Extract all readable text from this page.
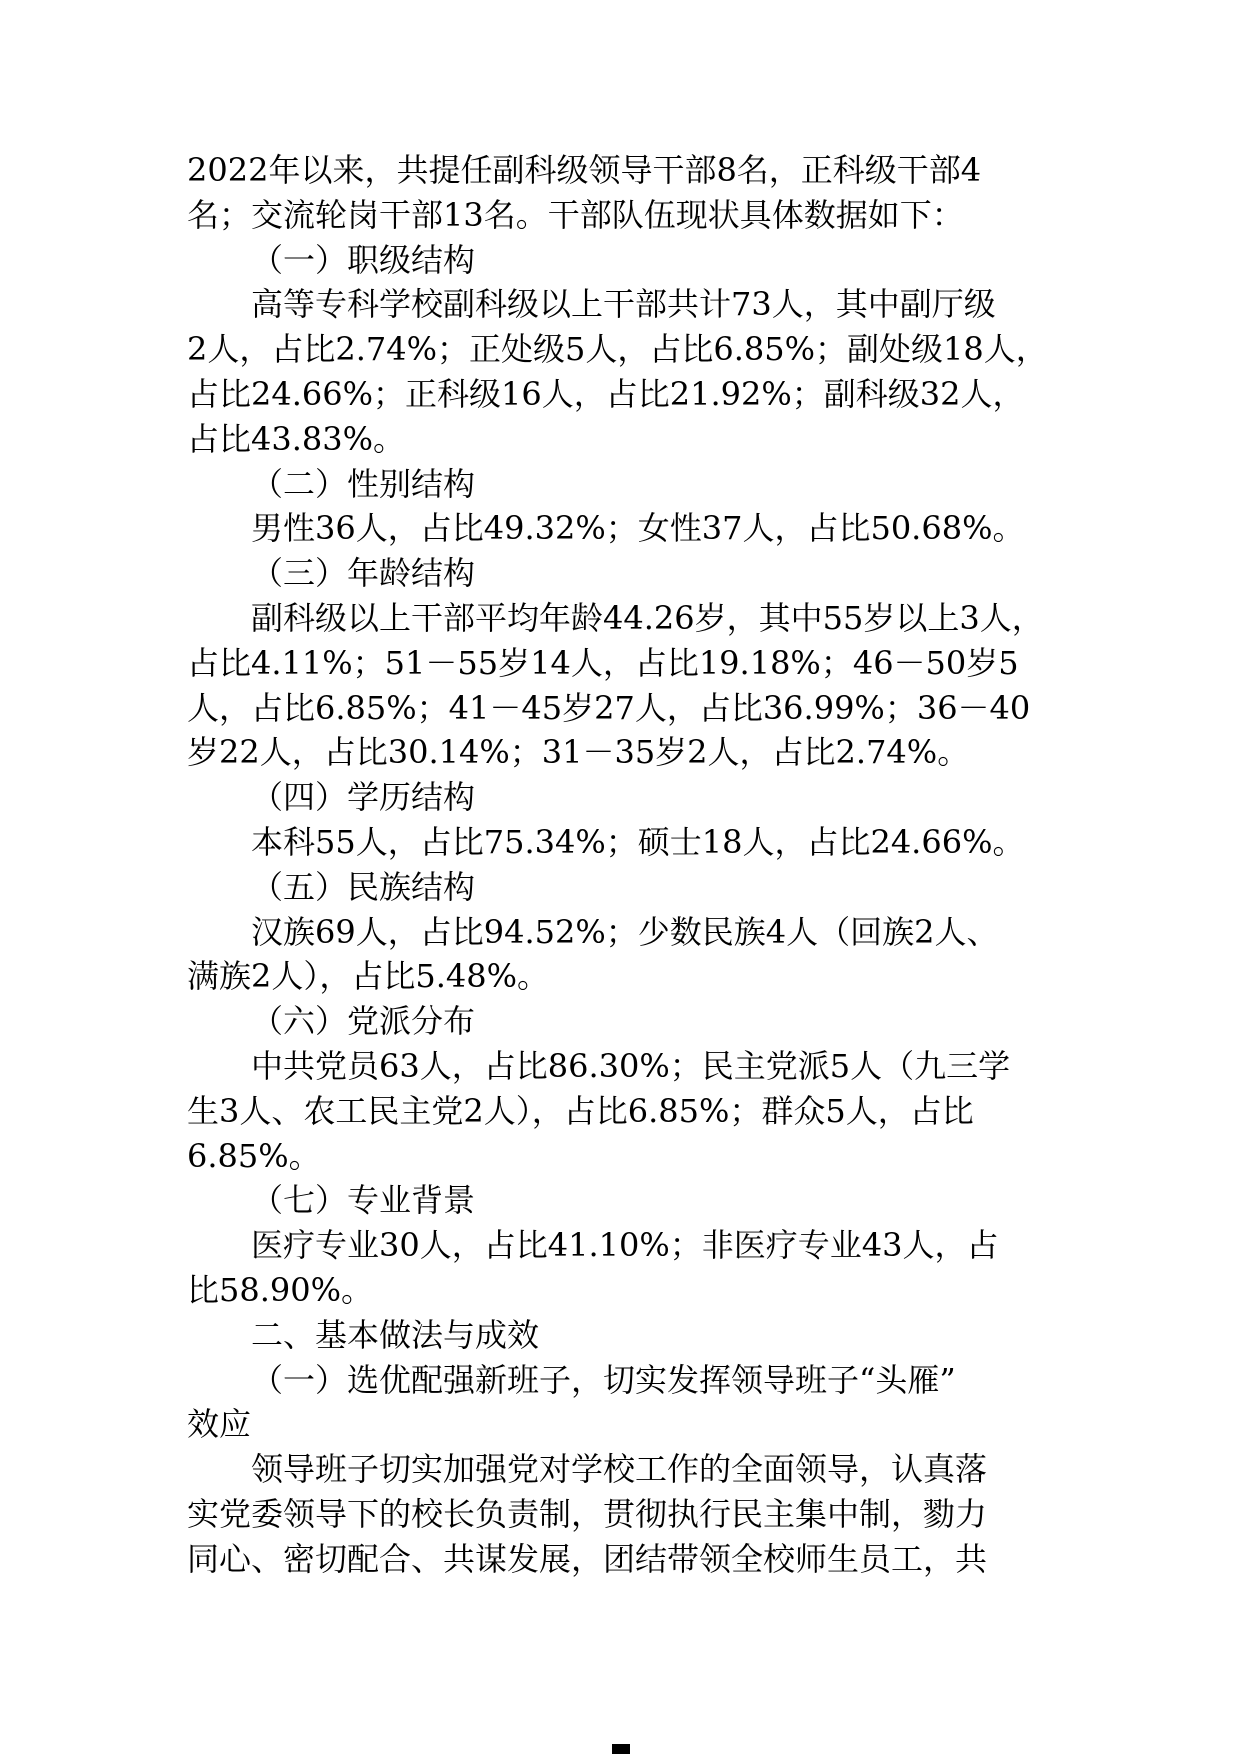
2022年以来，共提任副科级领导干部8名，正科级干部4
名；交流轮岗干部13名。干部队伍现状具体数据如下：
（一）职级结构
高等专科学校副科级以上干部共计73人，其中副厅级
2人，占比2.74%；正处级5人，占比6.85%；副处级18人，
占比24.66%；正科级16人，占比21.92%；副科级32人，
占比43.83%。
（二）性别结构
男性36人，占比49.32%；女性37人，占比50.68%。
（三）年龄结构
副科级以上干部平均年龄44.26岁，其中55岁以上3人，
占比4.11%；51－55岁14人，占比19.18%；46－50岁5
人，占比6.85%；41－45岁27人，占比36.99%；36－40
岁22人，占比30.14%；31－35岁2人，占比2.74%。
（四）学历结构
本科55人，占比75.34%；硕士18人，占比24.66%。
（五）民族结构
汉族69人，占比94.52%；少数民族4人（回族2人、
满族2人），占比5.48%。
（六）党派分布
中共党员63人，占比86.30%；民主党派5人（九三学
生3人、农工民主党2人），占比6.85%；群众5人，占比
6.85%。
（七）专业背景
医疗专业30人，占比41.10%；非医疗专业43人，占
比58.90%。
二、基本做法与成效
（一）选优配强新班子，切实发挥领导班子“头雁”
效应
领导班子切实加强党对学校工作的全面领导，认真落
实党委领导下的校长负责制，贯彻执行民主集中制，勠力
同心、密切配合、共谋发展，团结带领全校师生员工，共
